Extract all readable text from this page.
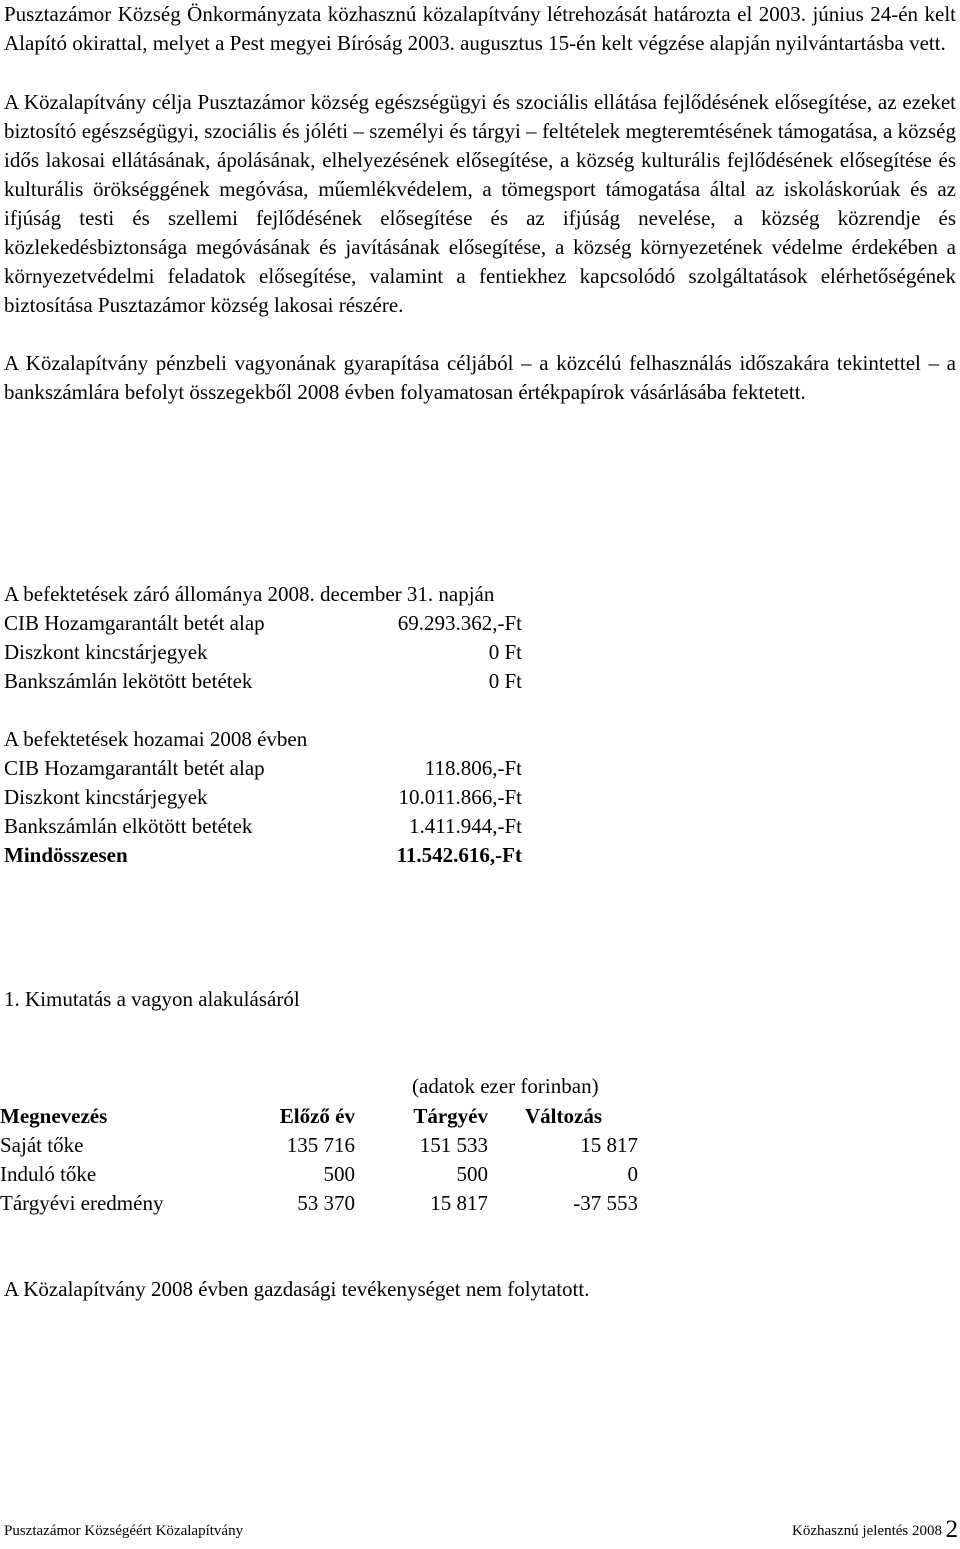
Pusztazámor Község Önkormányzata közhasznú közalapítvány létrehozását határozta el 2003. június 24-én kelt Alapító okirattal, melyet a Pest megyei Bíróság 2003. augusztus 15-én kelt végzése alapján nyilvántartásba vett.

A Közalapítvány célja Pusztazámor község egészségügyi és szociális ellátása fejlődésének elősegítése, az ezeket biztosító egészségügyi, szociális és jóléti – személyi és tárgyi – feltételek megteremtésének támogatása, a község idős lakosai ellátásának, ápolásának, elhelyezésének elősegítése, a község kulturális fejlődésének elősegítése és kulturális örökséggének megóvása, műemlékvédelem, a tömegsport támogatása által az iskoláskorúak és az ifjúság testi és szellemi fejlődésének elősegítése és az ifjúság nevelése, a község közrendje és közlekedésbiztonsága megóvásának és javításának elősegítése, a község környezetének védelme érdekében a környezetvédelmi feladatok elősegítése, valamint a fentiekhez kapcsolódó szolgáltatások elérhetőségének biztosítása Pusztazámor község lakosai részére.

A Közalapítvány pénzbeli vagyonának gyarapítása céljából – a közcélú felhasználás időszakára tekintettel – a bankszámlára befolyt összegekből 2008 évben folyamatosan értékpapírok vásárlásába fektetett.

A befektetések záró állománya 2008. december 31. napján
CIB Hozamgarantált betét alap	69.293.362,-Ft
Diszkont kincstárjegyek	0 Ft
Bankszámlán lekötött betétek	0 Ft
A befektetések hozamai 2008 évben
CIB Hozamgarantált betét alap	118.806,-Ft
Diszkont kincstárjegyek	10.011.866,-Ft
Bankszámlán elkötött betétek	1.411.944,-Ft
Mindösszesen	11.542.616,-Ft
1. Kimutatás a vagyon alakulásáról
(adatok ezer forinban)
Megnevezés	Előző év	Tárgyév	Változás
Saját tőke	135 716	151 533	15 817
Induló tőke	500	500	0
Tárgyévi eredmény	53 370	15 817	-37 553
A Közalapítvány 2008 évben gazdasági tevékenységet nem folytatott.
Pusztazámor Községéért Közalapítvány	Közhasznú jelentés 2008 2
